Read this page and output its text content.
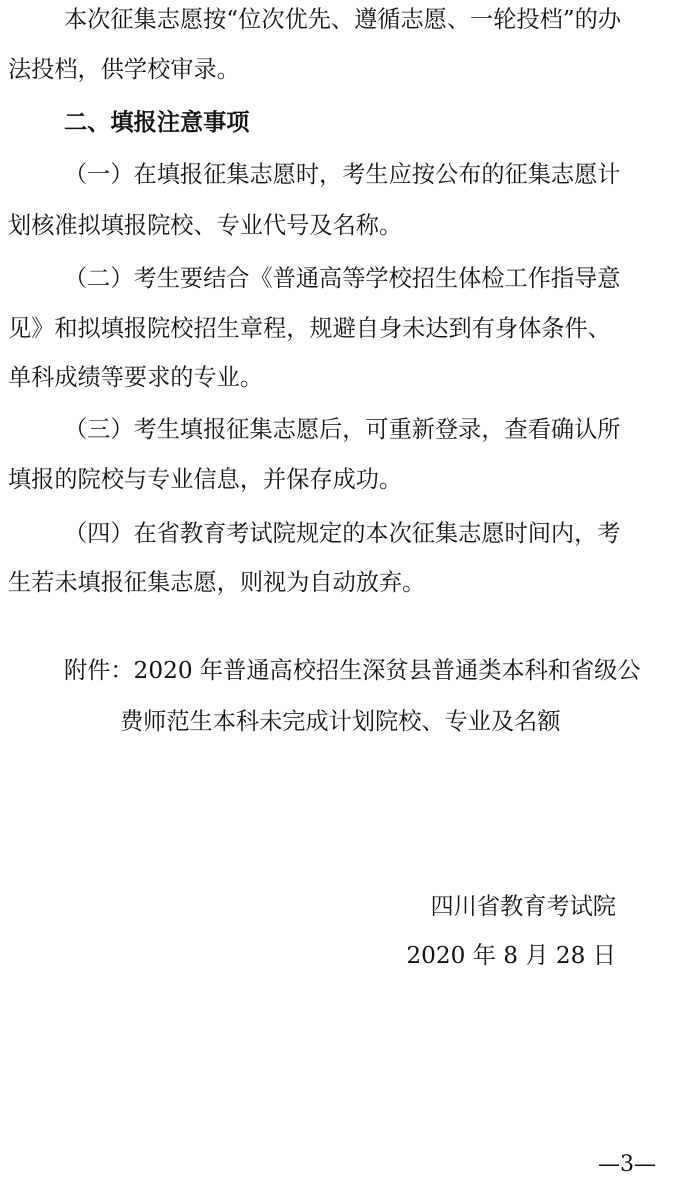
本次征集志愿按“位次优先、遵循志愿、一轮投档”的办
法投档，供学校审录。
二、填报注意事项
（一）在填报征集志愿时，考生应按公布的征集志愿计
划核准拟填报院校、专业代号及名称。
（二）考生要结合《普通高等学校招生体检工作指导意
见》和拟填报院校招生章程，规避自身未达到有身体条件、
单科成绩等要求的专业。
（三）考生填报征集志愿后，可重新登录，查看确认所
填报的院校与专业信息，并保存成功。
（四）在省教育考试院规定的本次征集志愿时间内，考
生若未填报征集志愿，则视为自动放弃。
附件：2020 年普通高校招生深贫县普通类本科和省级公
费师范生本科未完成计划院校、专业及名额
四川省教育考试院
2020 年 8 月 28 日
—3—
